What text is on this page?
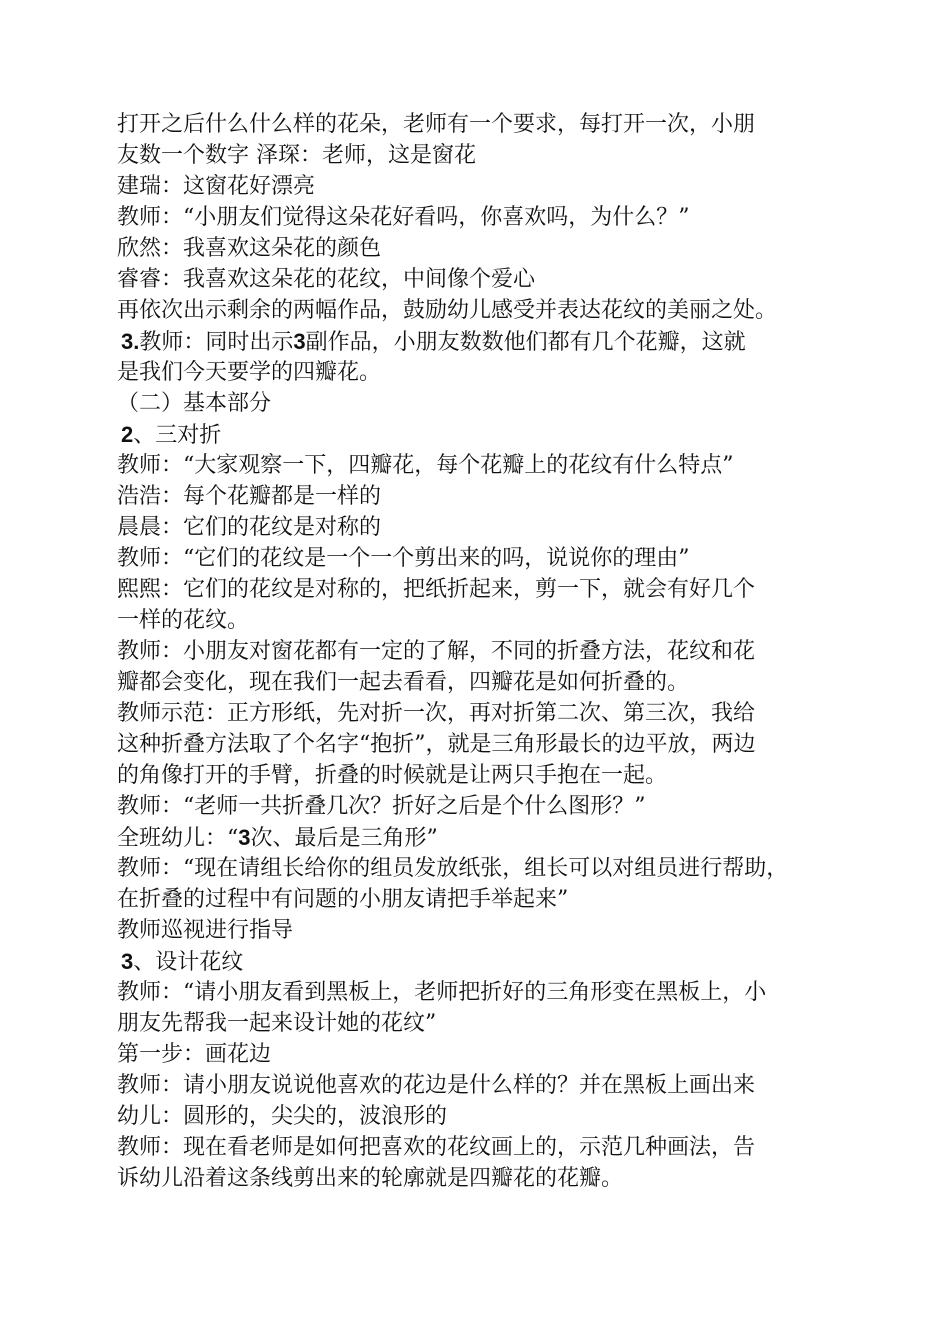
打开之后什么什么样的花朵，老师有一个要求，每打开一次，小朋
友数一个数字 泽琛：老师，这是窗花
建瑞：这窗花好漂亮
教师：“小朋友们觉得这朵花好看吗，你喜欢吗，为什么？”
欣然：我喜欢这朵花的颜色
睿睿：我喜欢这朵花的花纹，中间像个爱心
再依次出示剩余的两幅作品，鼓励幼儿感受并表达花纹的美丽之处。
3.教师：同时出示3副作品，小朋友数数他们都有几个花瓣，这就
是我们今天要学的四瓣花。
（二）基本部分
2、三对折
教师：“大家观察一下，四瓣花，每个花瓣上的花纹有什么特点”
浩浩：每个花瓣都是一样的
晨晨：它们的花纹是对称的
教师：“它们的花纹是一个一个剪出来的吗，说说你的理由”
熙熙：它们的花纹是对称的，把纸折起来，剪一下，就会有好几个
一样的花纹。
教师：小朋友对窗花都有一定的了解，不同的折叠方法，花纹和花
瓣都会变化，现在我们一起去看看，四瓣花是如何折叠的。
教师示范：正方形纸，先对折一次，再对折第二次、第三次，我给
这种折叠方法取了个名字“抱折”，就是三角形最长的边平放，两边
的角像打开的手臂，折叠的时候就是让两只手抱在一起。
教师：“老师一共折叠几次？折好之后是个什么图形？”
全班幼儿：“3次、最后是三角形”
教师：“现在请组长给你的组员发放纸张，组长可以对组员进行帮助，
在折叠的过程中有问题的小朋友请把手举起来”
教师巡视进行指导
3、设计花纹
教师：“请小朋友看到黑板上，老师把折好的三角形变在黑板上，小
朋友先帮我一起来设计她的花纹”
第一步：画花边
教师：请小朋友说说他喜欢的花边是什么样的？并在黑板上画出来
幼儿：圆形的，尖尖的，波浪形的
教师：现在看老师是如何把喜欢的花纹画上的，示范几种画法，告
诉幼儿沿着这条线剪出来的轮廓就是四瓣花的花瓣。
